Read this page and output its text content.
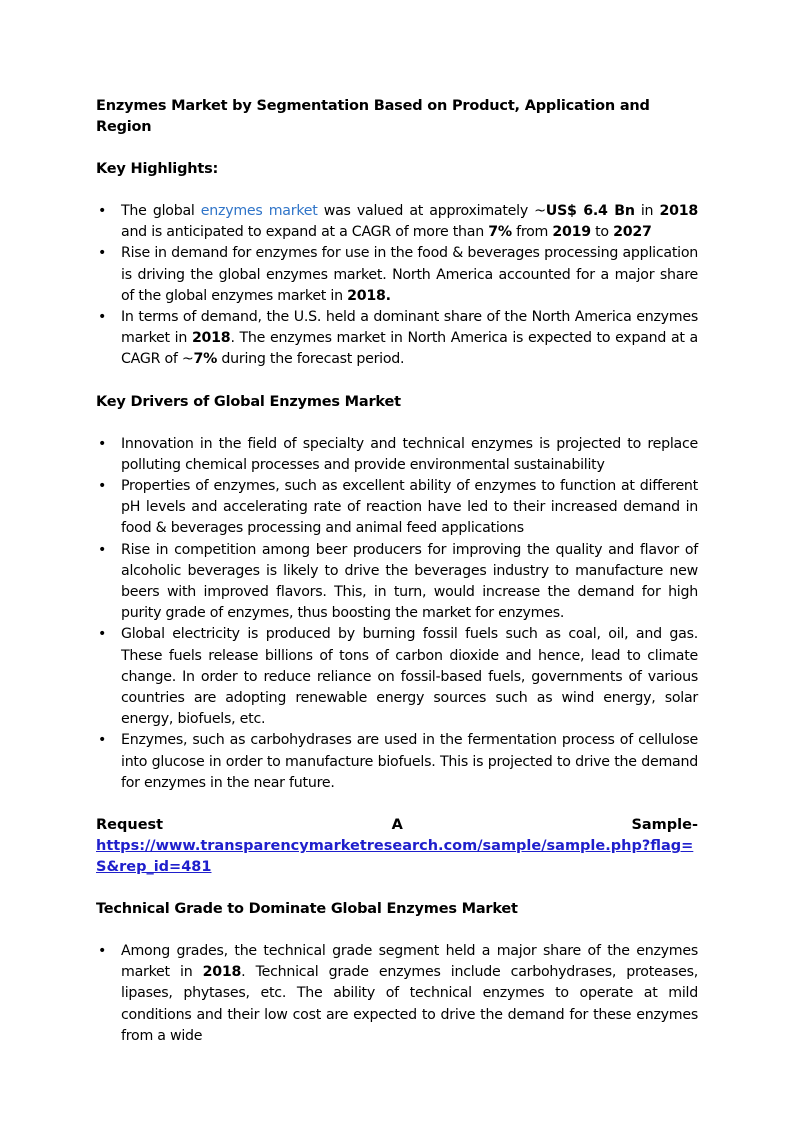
Enzymes Market by Segmentation Based on Product, Application and Region
Key Highlights:
• The global enzymes market was valued at approximately ~US$ 6.4 Bn in 2018 and is anticipated to expand at a CAGR of more than 7% from 2019 to 2027
• Rise in demand for enzymes for use in the food & beverages processing application is driving the global enzymes market. North America accounted for a major share of the global enzymes market in 2018.
• In terms of demand, the U.S. held a dominant share of the North America enzymes market in 2018. The enzymes market in North America is expected to expand at a CAGR of ~7% during the forecast period.
Key Drivers of Global Enzymes Market
• Innovation in the field of specialty and technical enzymes is projected to replace polluting chemical processes and provide environmental sustainability
• Properties of enzymes, such as excellent ability of enzymes to function at different pH levels and accelerating rate of reaction have led to their increased demand in food & beverages processing and animal feed applications
• Rise in competition among beer producers for improving the quality and flavor of alcoholic beverages is likely to drive the beverages industry to manufacture new beers with improved flavors. This, in turn, would increase the demand for high purity grade of enzymes, thus boosting the market for enzymes.
• Global electricity is produced by burning fossil fuels such as coal, oil, and gas. These fuels release billions of tons of carbon dioxide and hence, lead to climate change. In order to reduce reliance on fossil-based fuels, governments of various countries are adopting renewable energy sources such as wind energy, solar energy, biofuels, etc.
• Enzymes, such as carbohydrases are used in the fermentation process of cellulose into glucose in order to manufacture biofuels. This is projected to drive the demand for enzymes in the near future.
Request	A	Sample-
https://www.transparencymarketresearch.com/sample/sample.php?flag=S&rep_id=481
Technical Grade to Dominate Global Enzymes Market
• Among grades, the technical grade segment held a major share of the enzymes market in 2018. Technical grade enzymes include carbohydrases, proteases, lipases, phytases, etc. The ability of technical enzymes to operate at mild conditions and their low cost are expected to drive the demand for these enzymes from a wide
